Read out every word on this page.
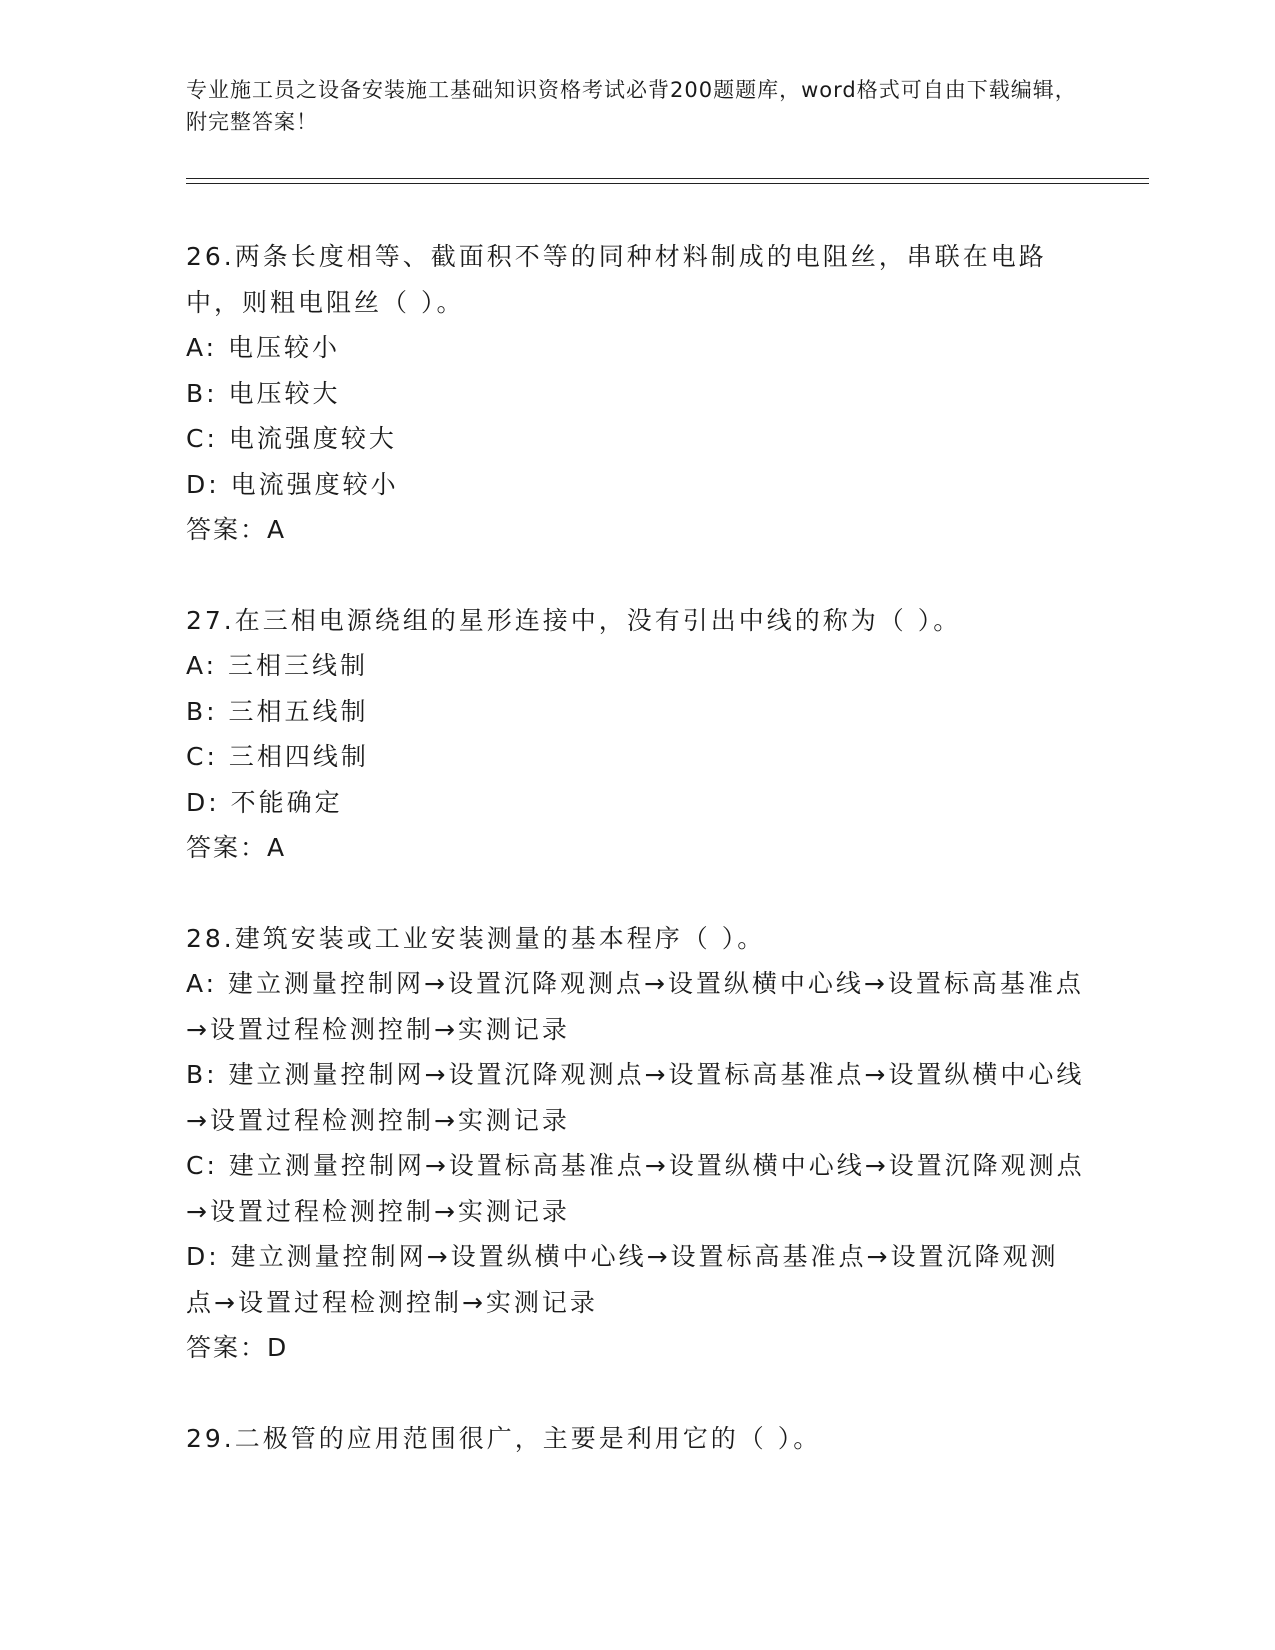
专业施工员之设备安装施工基础知识资格考试必背200题题库，word格式可自由下载编辑，附完整答案！

26.两条长度相等、截面积不等的同种材料制成的电阻丝，串联在电路中，则粗电阻丝（ ）。

A: 电压较小

B: 电压较大

C: 电流强度较大

D: 电流强度较小

答案：A

27.在三相电源绕组的星形连接中，没有引出中线的称为（ ）。

A: 三相三线制

B: 三相五线制

C: 三相四线制

D: 不能确定

答案：A

28.建筑安装或工业安装测量的基本程序（ ）。

A: 建立测量控制网→设置沉降观测点→设置纵横中心线→设置标高基准点→设置过程检测控制→实测记录

B: 建立测量控制网→设置沉降观测点→设置标高基准点→设置纵横中心线→设置过程检测控制→实测记录

C: 建立测量控制网→设置标高基准点→设置纵横中心线→设置沉降观测点→设置过程检测控制→实测记录

D: 建立测量控制网→设置纵横中心线→设置标高基准点→设置沉降观测点→设置过程检测控制→实测记录

答案：D

29.二极管的应用范围很广，主要是利用它的（ ）。
